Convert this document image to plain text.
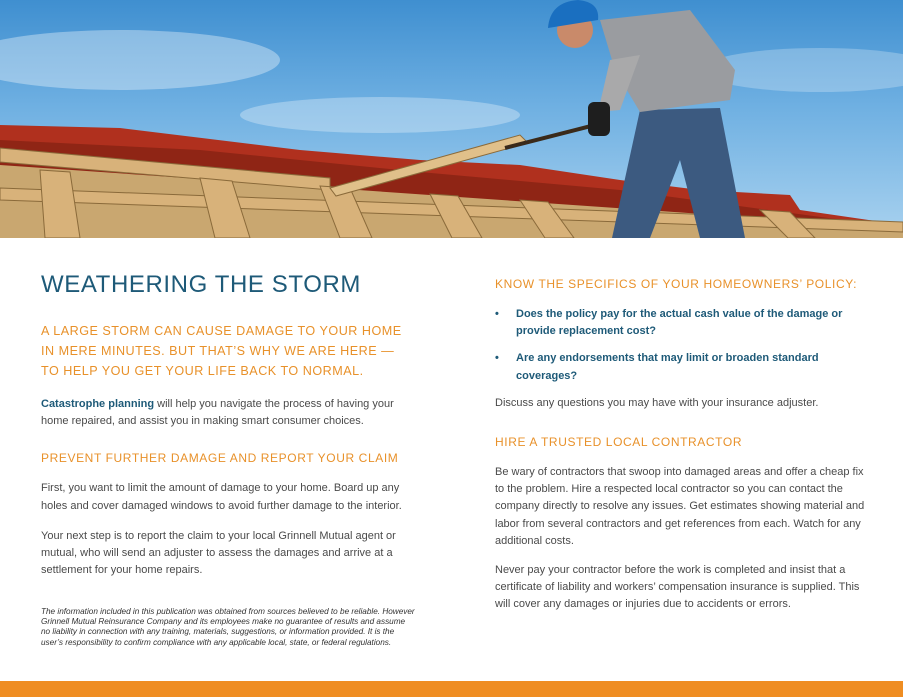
WEATHERING THE STORM
A LARGE STORM CAN CAUSE DAMAGE TO YOUR HOME IN MERE MINUTES. BUT THAT’S WHY WE ARE HERE — TO HELP YOU GET YOUR LIFE BACK TO NORMAL.

Catastrophe planning will help you navigate the process of having your home repaired, and assist you in making smart consumer choices.

PREVENT FURTHER DAMAGE AND REPORT YOUR CLAIM

First, you want to limit the amount of damage to your home. Board up any holes and cover damaged windows to avoid further damage to the interior.

Your next step is to report the claim to your local Grinnell Mutual agent or mutual, who will send an adjuster to assess the damages and arrive at a settlement for your home repairs.

The information included in this publication was obtained from sources believed to be reliable. However Grinnell Mutual Reinsurance Company and its employees make no guarantee of results and assume no liability in connection with any training, materials, suggestions, or information provided. It is the user’s responsibility to confirm compliance with any applicable local, state, or federal regulations.
KNOW THE SPECIFICS OF YOUR HOMEOWNERS’ POLICY:
• Does the policy pay for the actual cash value of the damage or provide replacement cost?
• Are any endorsements that may limit or broaden standard coverages?

Discuss any questions you may have with your insurance adjuster.

HIRE A TRUSTED LOCAL CONTRACTOR

Be wary of contractors that swoop into damaged areas and offer a cheap fix to the problem. Hire a respected local contractor so you can contact the company directly to resolve any issues. Get estimates showing material and labor from several contractors and get references from each. Watch for any additional costs.

Never pay your contractor before the work is completed and insist that a certificate of liability and workers’ compensation insurance is supplied. This will cover any damages or injuries due to accidents or errors.
